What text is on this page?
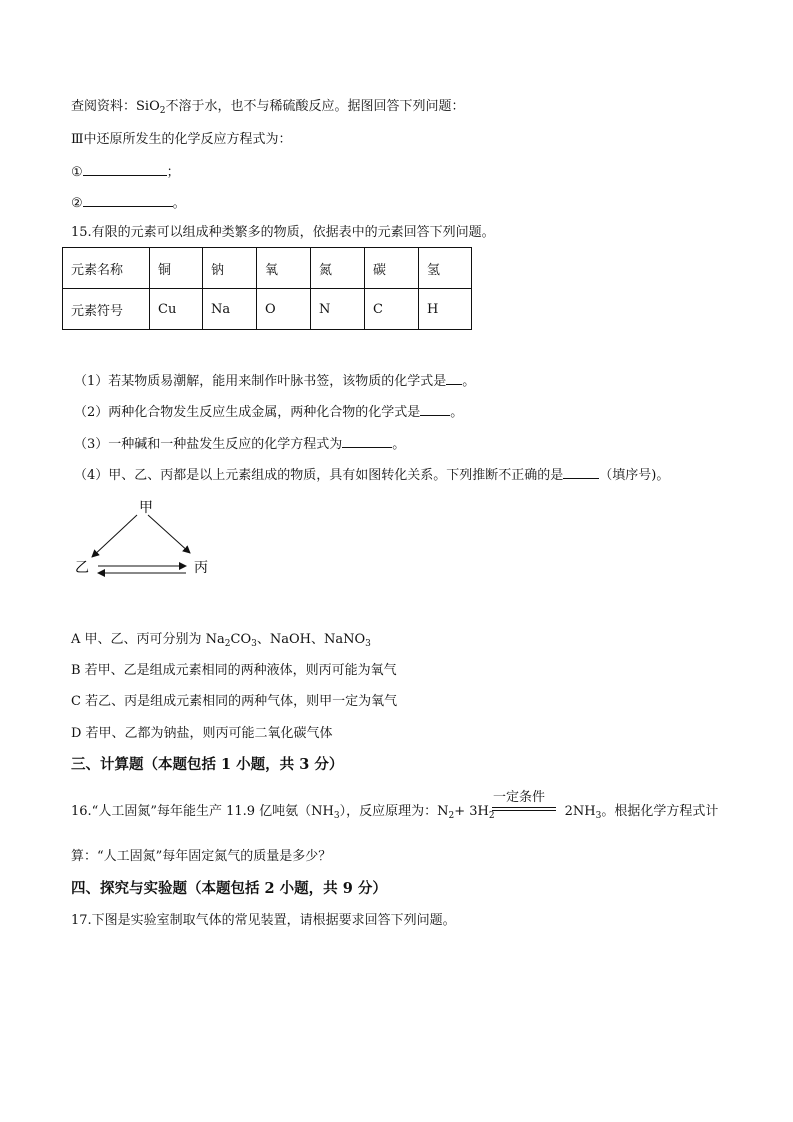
查阅资料：SiO$_2$不溶于水，也不与稀硫酸反应。据图回答下列问题：
Ⅲ中还原所发生的化学反应方程式为：
①	；
②	。
15.有限的元素可以组成种类繁多的物质，依据表中的元素回答下列问题。
元素名称	铜	钠	氧	氮	碳	氢
元素符号	Cu	Na	O	N	C	H
（1）若某物质易潮解，能用来制作叶脉书签，该物质的化学式是 。
（2）两种化合物发生反应生成金属，两种化合物的化学式是 。
（3）一种碱和一种盐发生反应的化学方程式为	。
（4）甲、乙、丙都是以上元素组成的物质，具有如图转化关系。下列推断不正确的是	（填序号)。
甲
乙	丙
A 甲、乙、丙可分别为 $Na_2CO_3$、NaOH、NaNO$_3$
B 若甲、乙是组成元素相同的两种液体，则丙可能为氧气
C 若乙、丙是组成元素相同的两种气体，则甲一定为氧气
D 若甲、乙都为钠盐，则丙可能二氧化碳气体
三、计算题（本题包括 1 小题，共 3 分）
一定条件
16.“人工固氮”每年能生产 11.9 亿吨氨$(NH_3)$，反应原理为：$N_2+ 3H_2$	$2NH_3$。根据化学方程式计
算：“人工固氮”每年固定氮气的质量是多少？
四、探究与实验题（本题包括 2 小题，共 9 分）
17.下图是实验室制取气体的常见装置，请根据要求回答下列问题。
